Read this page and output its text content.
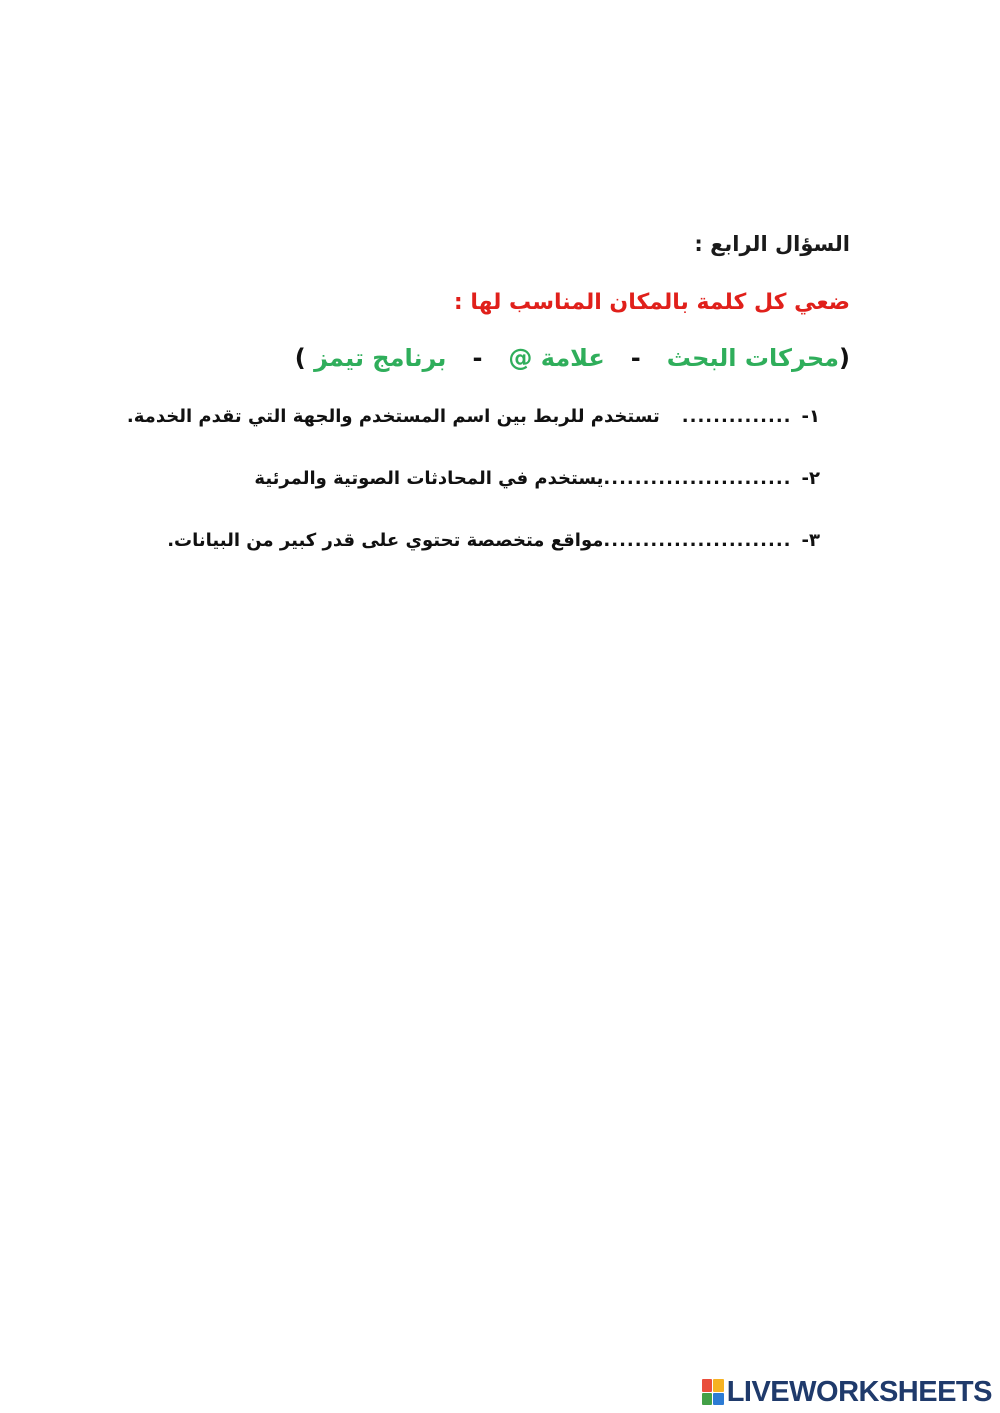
السؤال الرابع :
ضعي كل كلمة بالمكان المناسب لها :
(محركات البحث-علامة @-برنامج تيمز )
١-..............تستخدم للربط بين اسم المستخدم والجهة التي تقدم الخدمة.
٢-........................يستخدم في المحادثات الصوتية والمرئية
٣-........................مواقع متخصصة تحتوي على قدر كبير من البيانات.
LIVEWORKSHEETS
